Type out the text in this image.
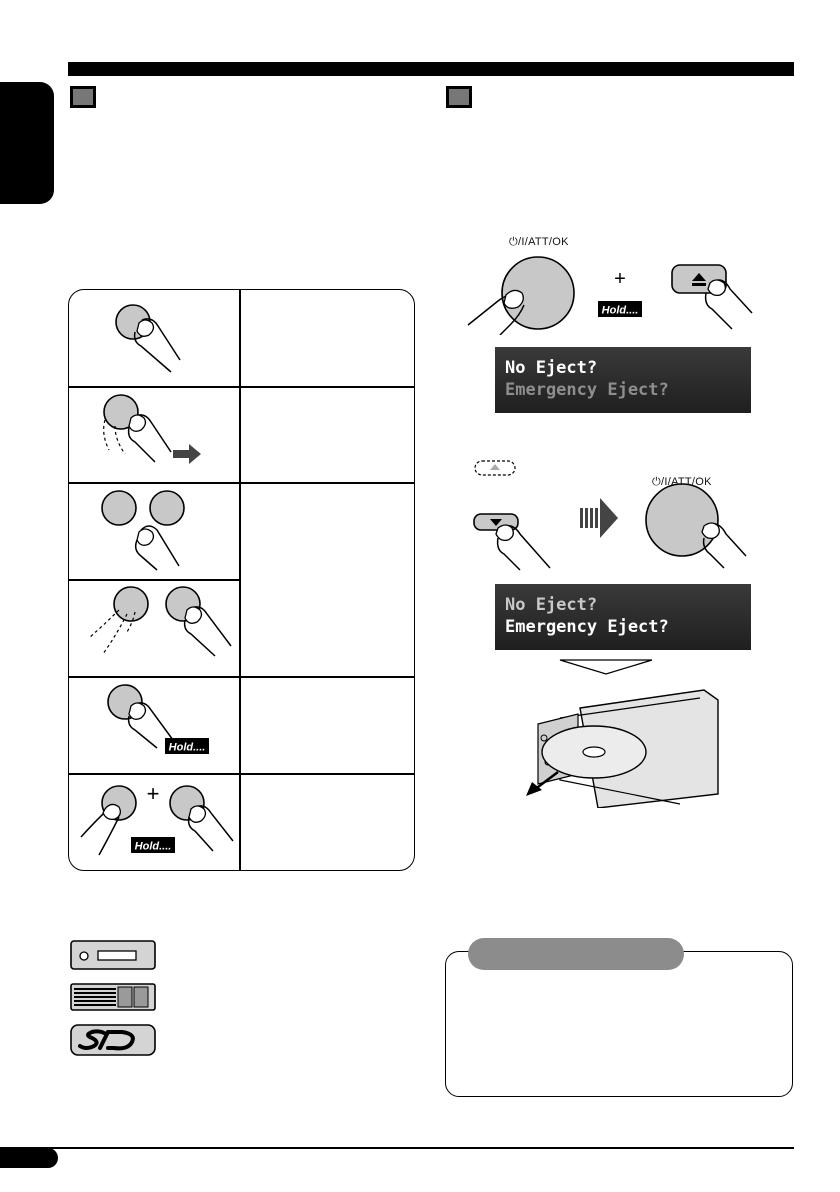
Hold....
+
Hold....
Hold....
+
⏻/I/ATT/OK
No Eject?
Emergency Eject?
⏻/I/ATT/OK
No Eject?
Emergency Eject?
